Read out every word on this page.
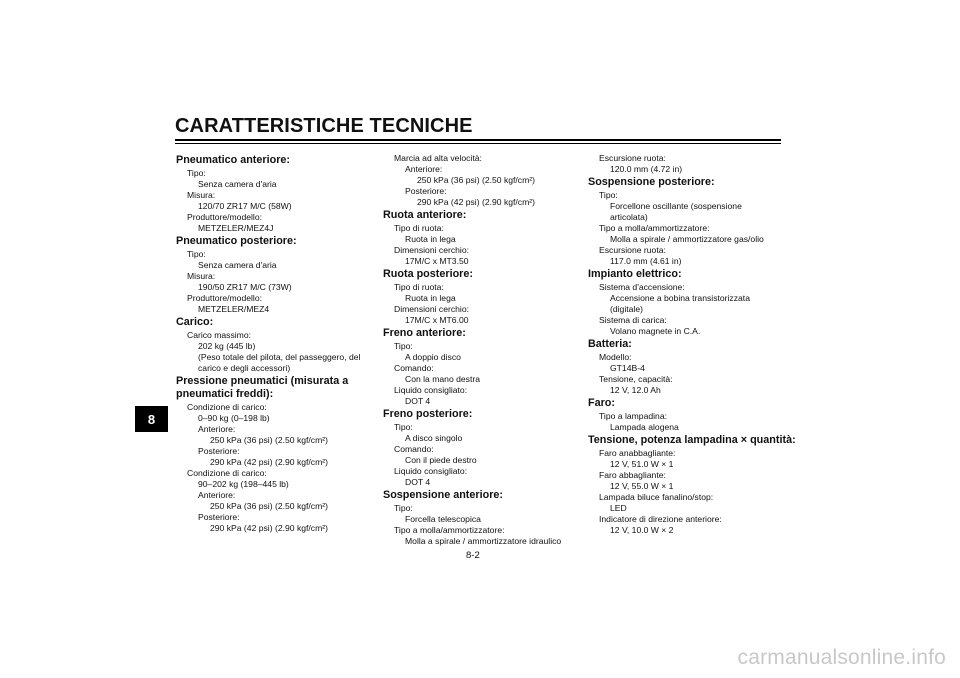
CARATTERISTICHE TECNICHE
8
Pneumatico anteriore:
Tipo:
Senza camera d'aria
Misura:
120/70 ZR17 M/C (58W)
Produttore/modello:
METZELER/MEZ4J
Pneumatico posteriore:
Tipo:
Senza camera d'aria
Misura:
190/50 ZR17 M/C (73W)
Produttore/modello:
METZELER/MEZ4
Carico:
Carico massimo:
202 kg (445 lb)
(Peso totale del pilota, del passeggero, del carico e degli accessori)
Pressione pneumatici (misurata a pneumatici freddi):
Condizione di carico:
0–90 kg (0–198 lb)
Anteriore:
250 kPa (36 psi) (2.50 kgf/cm²)
Posteriore:
290 kPa (42 psi) (2.90 kgf/cm²)
Condizione di carico:
90–202 kg (198–445 lb)
Anteriore:
250 kPa (36 psi) (2.50 kgf/cm²)
Posteriore:
290 kPa (42 psi) (2.90 kgf/cm²)
Marcia ad alta velocità:
Anteriore:
250 kPa (36 psi) (2.50 kgf/cm²)
Posteriore:
290 kPa (42 psi) (2.90 kgf/cm²)
Ruota anteriore:
Tipo di ruota:
Ruota in lega
Dimensioni cerchio:
17M/C x MT3.50
Ruota posteriore:
Tipo di ruota:
Ruota in lega
Dimensioni cerchio:
17M/C x MT6.00
Freno anteriore:
Tipo:
A doppio disco
Comando:
Con la mano destra
Liquido consigliato:
DOT 4
Freno posteriore:
Tipo:
A disco singolo
Comando:
Con il piede destro
Liquido consigliato:
DOT 4
Sospensione anteriore:
Tipo:
Forcella telescopica
Tipo a molla/ammortizzatore:
Molla a spirale / ammortizzatore idraulico
Escursione ruota:
120.0 mm (4.72 in)
Sospensione posteriore:
Tipo:
Forcellone oscillante (sospensione articolata)
Tipo a molla/ammortizzatore:
Molla a spirale / ammortizzatore gas/olio
Escursione ruota:
117.0 mm (4.61 in)
Impianto elettrico:
Sistema d'accensione:
Accensione a bobina transistorizzata (digitale)
Sistema di carica:
Volano magnete in C.A.
Batteria:
Modello:
GT14B-4
Tensione, capacità:
12 V, 12.0 Ah
Faro:
Tipo a lampadina:
Lampada alogena
Tensione, potenza lampadina × quantità:
Faro anabbagliante:
12 V, 51.0 W × 1
Faro abbagliante:
12 V, 55.0 W × 1
Lampada biluce fanalino/stop:
LED
Indicatore di direzione anteriore:
12 V, 10.0 W × 2
8-2
carmanualsonline.info
